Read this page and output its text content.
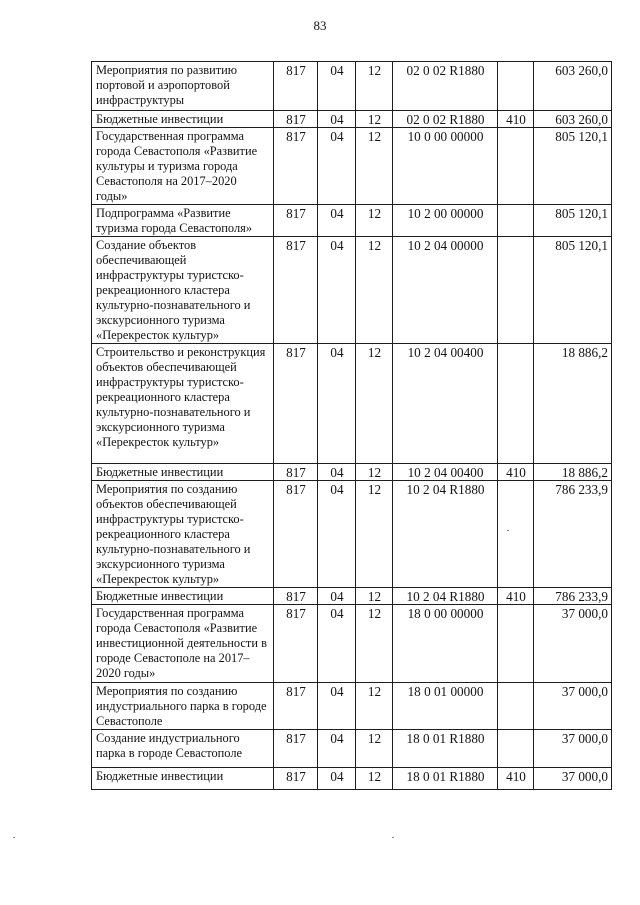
83
Мероприятия по развитию портовой и аэропортовой инфраструктуры	817	04	12	02 0 02 R1880		603 260,0
Бюджетные инвестиции	817	04	12	02 0 02 R1880	410	603 260,0
Государственная программа города Севастополя «Развитие культуры и туризма города Севастополя на 2017–2020 годы»	817	04	12	10 0 00 00000		805 120,1
Подпрограмма «Развитие туризма города Севастополя»	817	04	12	10 2 00 00000		805 120,1
Создание объектов обеспечивающей инфраструктуры туристско-рекреационного кластера культурно-познавательного и экскурсионного туризма «Перекресток культур»	817	04	12	10 2 04 00000		805 120,1
Строительство и реконструкция объектов обеспечивающей инфраструктуры туристско-рекреационного кластера культурно-познавательного и экскурсионного туризма «Перекресток культур»	817	04	12	10 2 04 00400		18 886,2
Бюджетные инвестиции	817	04	12	10 2 04 00400	410	18 886,2
Мероприятия по созданию объектов обеспечивающей инфраструктуры туристско-рекреационного кластера культурно-познавательного и экскурсионного туризма «Перекресток культур»	817	04	12	10 2 04 R1880		786 233,9
Бюджетные инвестиции	817	04	12	10 2 04 R1880	410	786 233,9
Государственная программа города Севастополя «Развитие инвестиционной деятельности в городе Севастополе на 2017–2020 годы»	817	04	12	18 0 00 00000		37 000,0
Мероприятия по созданию индустриального парка в городе Севастополе	817	04	12	18 0 01 00000		37 000,0
Создание индустриального парка в городе Севастополе	817	04	12	18 0 01 R1880		37 000,0
Бюджетные инвестиции	817	04	12	18 0 01 R1880	410	37 000,0
